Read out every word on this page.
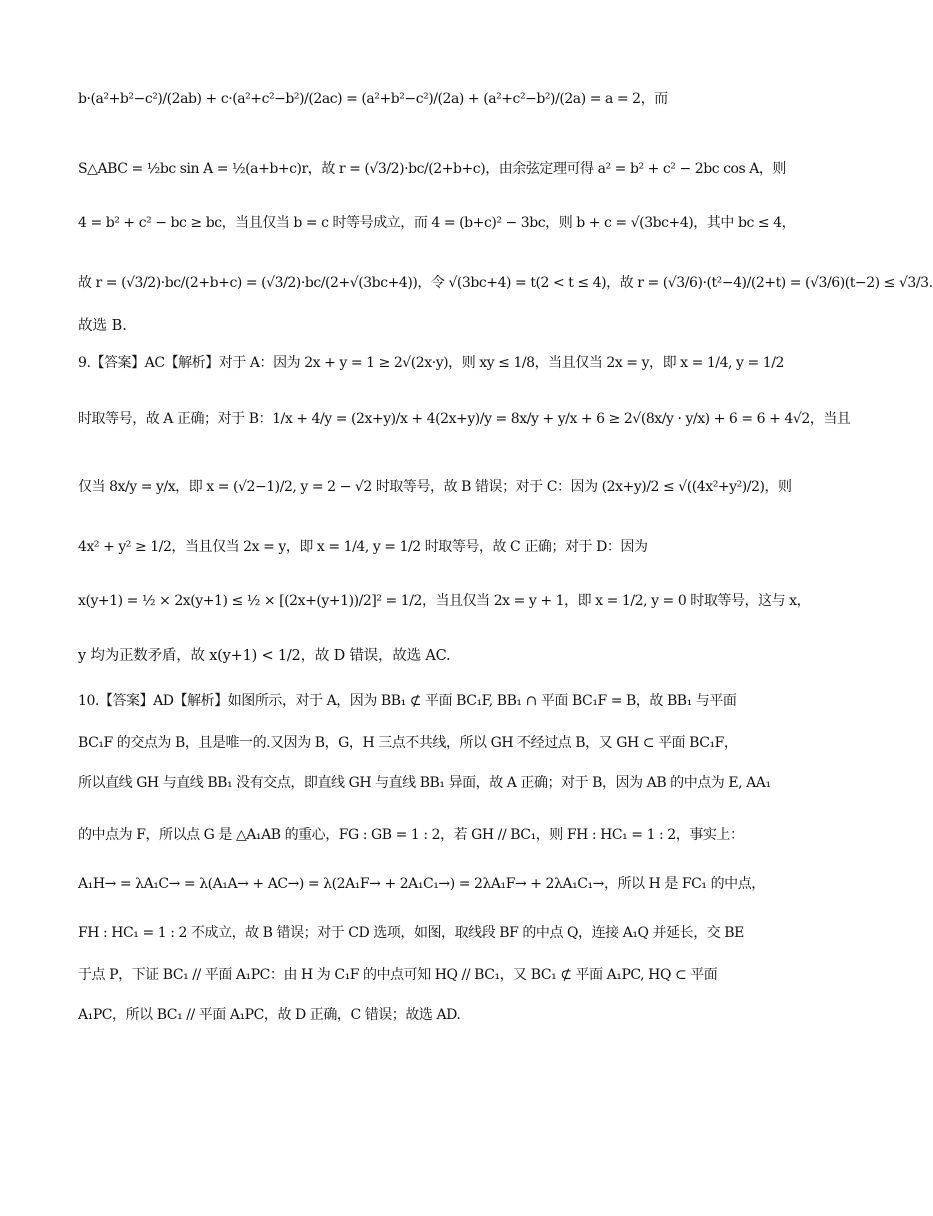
b·(a²+b²−c²)/(2ab) + c·(a²+c²−b²)/(2ac) = (a²+b²−c²)/(2a) + (a²+c²−b²)/(2a) = a = 2，而
S△ABC = ½bc sin A = ½(a+b+c)r，故 r = (√3/2)·bc/(2+b+c)，由余弦定理可得 a² = b² + c² − 2bc cos A，则
4 = b² + c² − bc ≥ bc，当且仅当 b = c 时等号成立，而 4 = (b+c)² − 3bc，则 b + c = √(3bc+4)，其中 bc ≤ 4，
故 r = (√3/2)·bc/(2+b+c) = (√3/2)·bc/(2+√(3bc+4))，令 √(3bc+4) = t(2 < t ≤ 4)，故 r = (√3/6)·(t²−4)/(2+t) = (√3/6)(t−2) ≤ √3/3.
故选 B.
9.【答案】AC【解析】对于 A：因为 2x + y = 1 ≥ 2√(2x·y)，则 xy ≤ 1/8，当且仅当 2x = y，即 x = 1/4, y = 1/2
时取等号，故 A 正确；对于 B：1/x + 4/y = (2x+y)/x + 4(2x+y)/y = 8x/y + y/x + 6 ≥ 2√(8x/y · y/x) + 6 = 6 + 4√2，当且
仅当 8x/y = y/x，即 x = (√2−1)/2, y = 2 − √2 时取等号，故 B 错误；对于 C：因为 (2x+y)/2 ≤ √((4x²+y²)/2)，则
4x² + y² ≥ 1/2，当且仅当 2x = y，即 x = 1/4, y = 1/2 时取等号，故 C 正确；对于 D：因为
x(y+1) = ½ × 2x(y+1) ≤ ½ × [(2x+(y+1))/2]² = 1/2，当且仅当 2x = y + 1，即 x = 1/2, y = 0 时取等号，这与 x，
y 均为正数矛盾，故 x(y+1) < 1/2，故 D 错误，故选 AC.
10.【答案】AD【解析】如图所示，对于 A，因为 BB₁ ⊄ 平面 BC₁F, BB₁ ∩ 平面 BC₁F = B，故 BB₁ 与平面
BC₁F 的交点为 B，且是唯一的.又因为 B，G，H 三点不共线，所以 GH 不经过点 B，又 GH ⊂ 平面 BC₁F，
所以直线 GH 与直线 BB₁ 没有交点，即直线 GH 与直线 BB₁ 异面，故 A 正确；对于 B，因为 AB 的中点为 E, AA₁
的中点为 F，所以点 G 是 △A₁AB 的重心，FG : GB = 1 : 2，若 GH // BC₁，则 FH : HC₁ = 1 : 2，事实上：
A₁H→ = λA₁C→ = λ(A₁A→ + AC→) = λ(2A₁F→ + 2A₁C₁→) = 2λA₁F→ + 2λA₁C₁→，所以 H 是 FC₁ 的中点，
FH : HC₁ = 1 : 2 不成立，故 B 错误；对于 CD 选项，如图，取线段 BF 的中点 Q，连接 A₁Q 并延长，交 BE
于点 P，下证 BC₁ // 平面 A₁PC：由 H 为 C₁F 的中点可知 HQ // BC₁，又 BC₁ ⊄ 平面 A₁PC, HQ ⊂ 平面
A₁PC，所以 BC₁ // 平面 A₁PC，故 D 正确，C 错误；故选 AD.
